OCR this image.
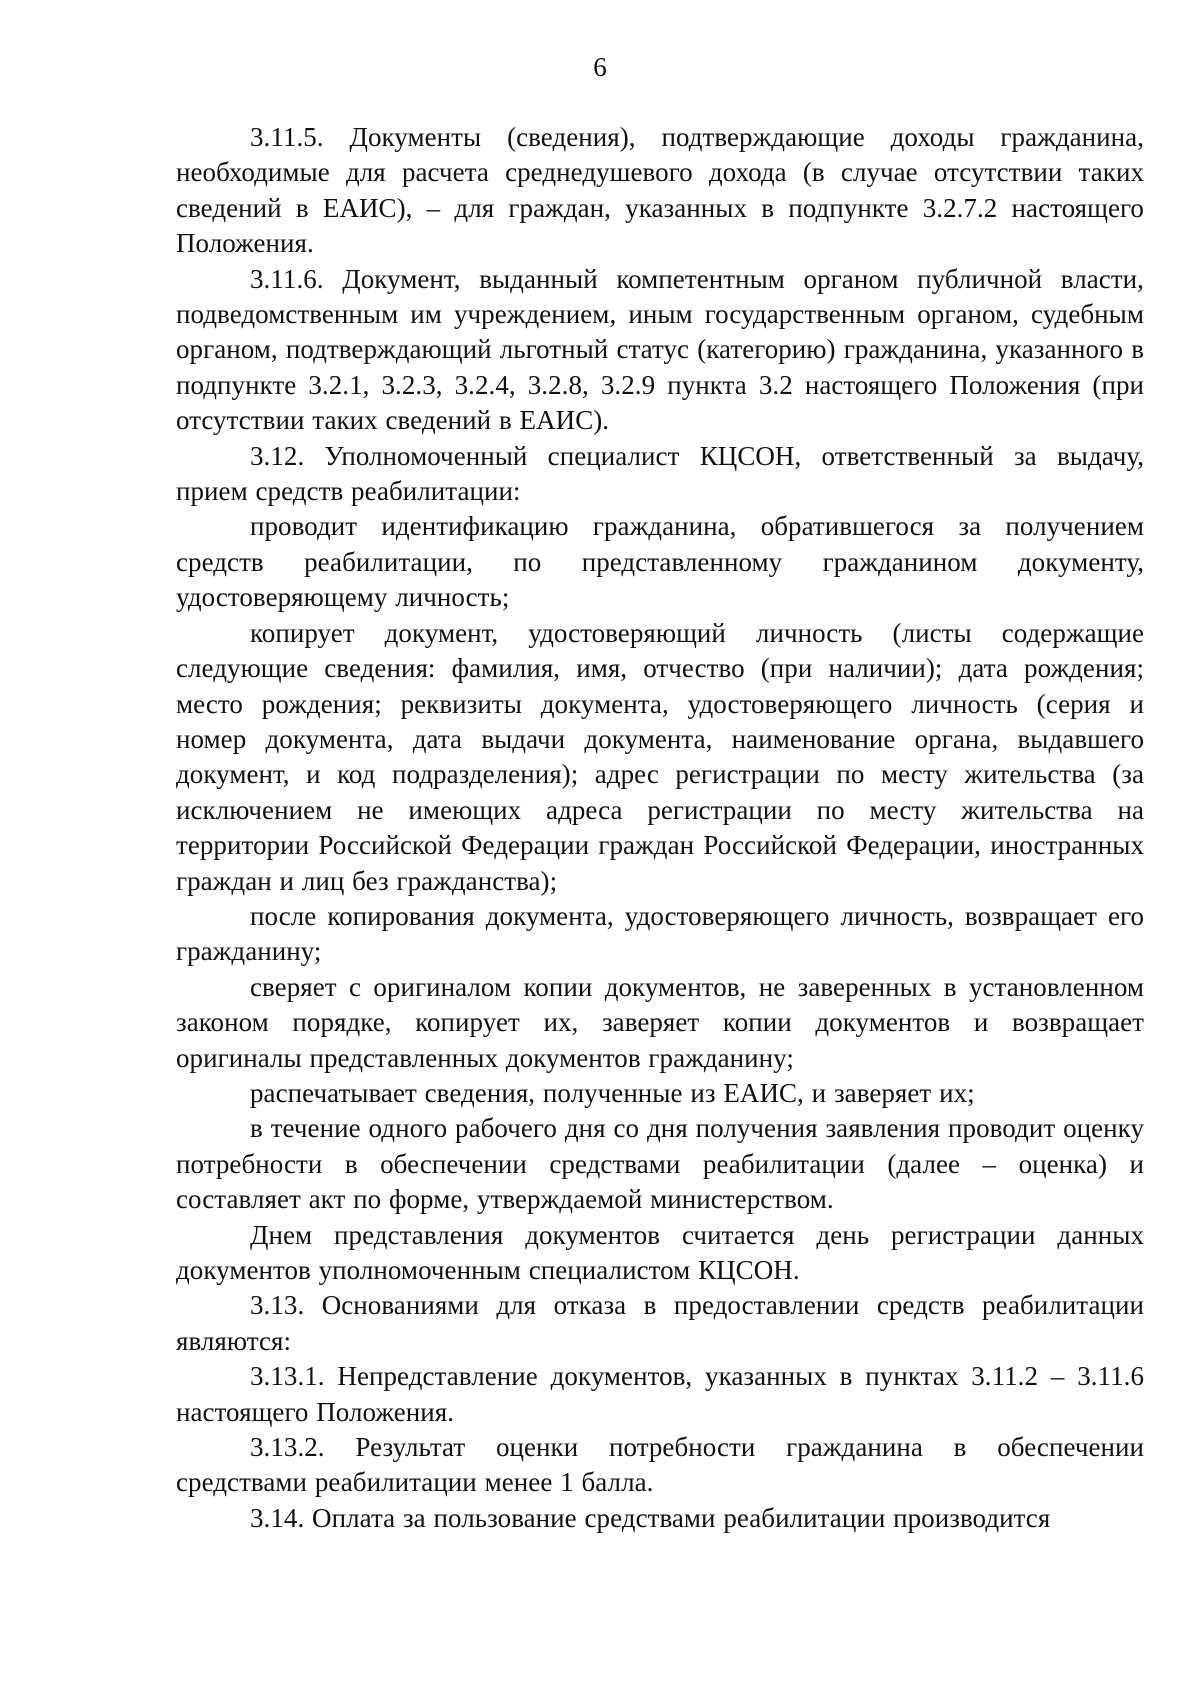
6

3.11.5. Документы (сведения), подтверждающие доходы гражданина, необходимые для расчета среднедушевого дохода (в случае отсутствии таких сведений в ЕАИС), – для граждан, указанных в подпункте 3.2.7.2 настоящего Положения.

3.11.6. Документ, выданный компетентным органом публичной власти, подведомственным им учреждением, иным государственным органом, судебным органом, подтверждающий льготный статус (категорию) гражданина, указанного в подпункте 3.2.1, 3.2.3, 3.2.4, 3.2.8, 3.2.9 пункта 3.2 настоящего Положения (при отсутствии таких сведений в ЕАИС).

3.12. Уполномоченный специалист КЦСОН, ответственный за выдачу, прием средств реабилитации:

проводит идентификацию гражданина, обратившегося за получением средств реабилитации, по представленному гражданином документу, удостоверяющему личность;

копирует документ, удостоверяющий личность (листы содержащие следующие сведения: фамилия, имя, отчество (при наличии); дата рождения; место рождения; реквизиты документа, удостоверяющего личность (серия и номер документа, дата выдачи документа, наименование органа, выдавшего документ, и код подразделения); адрес регистрации по месту жительства (за исключением не имеющих адреса регистрации по месту жительства на территории Российской Федерации граждан Российской Федерации, иностранных граждан и лиц без гражданства);

после копирования документа, удостоверяющего личность, возвращает его гражданину;

сверяет с оригиналом копии документов, не заверенных в установленном законом порядке, копирует их, заверяет копии документов и возвращает оригиналы представленных документов гражданину;

распечатывает сведения, полученные из ЕАИС, и заверяет их;

в течение одного рабочего дня со дня получения заявления проводит оценку потребности в обеспечении средствами реабилитации (далее – оценка) и составляет акт по форме, утверждаемой министерством.

Днем представления документов считается день регистрации данных документов уполномоченным специалистом КЦСОН.

3.13. Основаниями для отказа в предоставлении средств реабилитации являются:

3.13.1. Непредставление документов, указанных в пунктах 3.11.2 – 3.11.6 настоящего Положения.

3.13.2. Результат оценки потребности гражданина в обеспечении средствами реабилитации менее 1 балла.

3.14. Оплата за пользование средствами реабилитации производится
